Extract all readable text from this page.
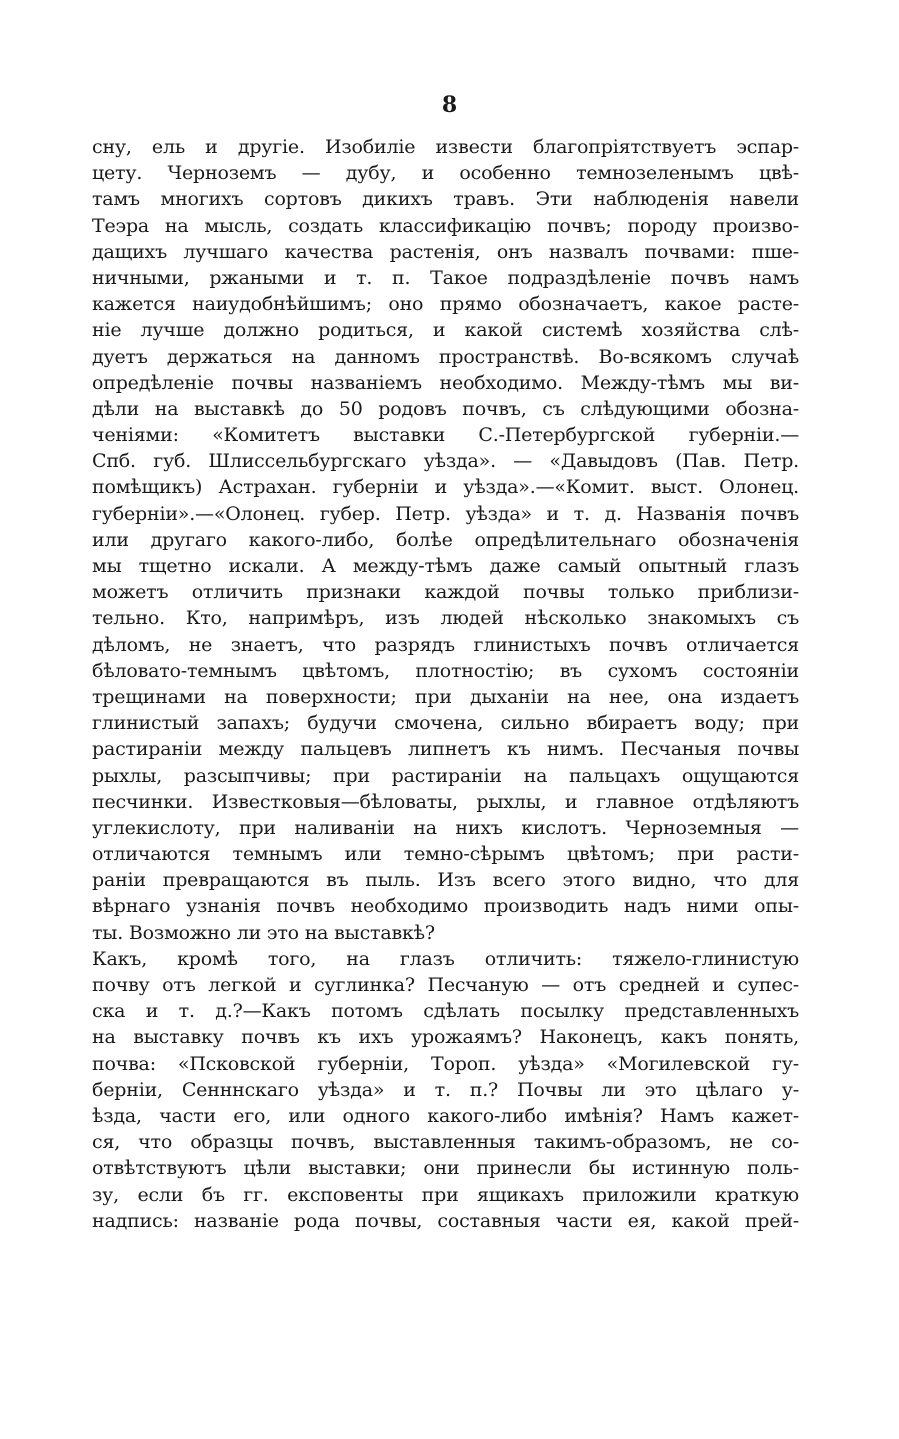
8
сну, ель и другіе. Изобиліе извести благопріятствуетъ эспар-
цету. Черноземъ — дубу, и особенно темнозеленымъ цвѣ-
тамъ многихъ сортовъ дикихъ травъ. Эти наблюденія навели
Теэра на мысль, создать классификацію почвъ; породу произво-
дащихъ лучшаго качества растенія, онъ назвалъ почвами: пше-
ничными, ржаными и т. п. Такое подраздѣленіе почвъ намъ
кажется наиудобнѣйшимъ; оно прямо обозначаетъ, какое расте-
ніе лучше должно родиться, и какой системѣ хозяйства слѣ-
дуетъ держаться на данномъ пространствѣ. Во-всякомъ случаѣ
опредѣленіе почвы названіемъ необходимо. Между-тѣмъ мы ви-
дѣли на выставкѣ до 50 родовъ почвъ, съ слѣдующими обозна-
ченіями: «Комитетъ выставки С.-Петербургской губерніи.—
Спб. губ. Шлиссельбургскаго уѣзда». — «Давыдовъ (Пав. Петр.
помѣщикъ) Астрахан. губерніи и уѣзда».—«Комит. выст. Олонец.
губерніи».—«Олонец. губер. Петр. уѣзда» и т. д. Названія почвъ
или другаго какого-либо, болѣе опредѣлительнаго обозначенія
мы тщетно искали. А между-тѣмъ даже самый опытный глазъ
можетъ отличить признаки каждой почвы только приблизи-
тельно. Кто, напримѣръ, изъ людей нѣсколько знакомыхъ съ
дѣломъ, не знаетъ, что разрядъ глинистыхъ почвъ отличается
бѣловато-темнымъ цвѣтомъ, плотностію; въ сухомъ состояніи
трещинами на поверхности; при дыханіи на нее, она издаетъ
глинистый запахъ; будучи смочена, сильно вбираетъ воду; при
растираніи между пальцевъ липнетъ къ нимъ. Песчаныя почвы
рыхлы, разсыпчивы; при растираніи на пальцахъ ощущаются
песчинки. Известковыя—бѣловаты, рыхлы, и главное отдѣляютъ
углекислоту, при наливаніи на нихъ кислотъ. Черноземныя —
отличаются темнымъ или темно-сѣрымъ цвѣтомъ; при расти-
раніи превращаются въ пыль. Изъ всего этого видно, что для
вѣрнаго узнанія почвъ необходимо производить надъ ними опы-
ты. Возможно ли это на выставкѣ?
Какъ, кромѣ того, на глазъ отличить: тяжело-глинистую
почву отъ легкой и суглинка? Песчаную — отъ средней и супес-
ска и т. д.?—Какъ потомъ сдѣлать посылку представленныхъ
на выставку почвъ къ ихъ урожаямъ? Наконецъ, какъ понять,
почва: «Псковской губерніи, Тороп. уѣзда» «Могилевской гу-
берніи, Сенннскаго уѣзда» и т. п.? Почвы ли это цѣлаго у-
ѣзда, части его, или одного какого-либо имѣнія? Намъ кажет-
ся, что образцы почвъ, выставленныя такимъ-образомъ, не со-
отвѣтствуютъ цѣли выставки; они принесли бы истинную поль-
зу, если бъ гг. експовенты при ящикахъ приложили краткую
надпись: названіе рода почвы, составныя части ея, какой прей-
